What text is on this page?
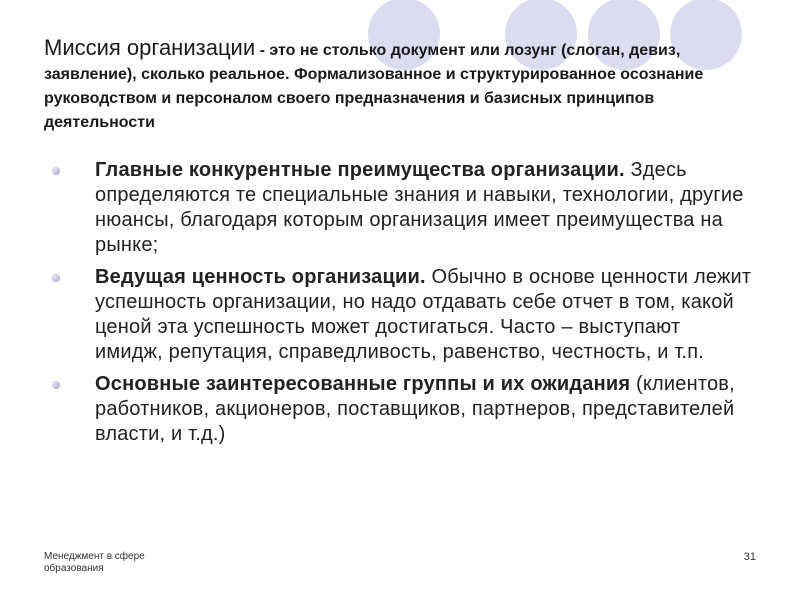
Миссия организации - это не столько документ или лозунг (слоган, девиз, заявление), сколько реальное. Формализованное и структурированное осознание руководством и персоналом своего предназначения и базисных принципов деятельности
Главные конкурентные преимущества организации. Здесь определяются те специальные знания и навыки, технологии, другие нюансы, благодаря которым организация имеет преимущества на рынке;
Ведущая ценность организации. Обычно в основе ценности лежит успешность организации, но надо отдавать себе отчет в том, какой ценой эта успешность может достигаться. Часто – выступают имидж, репутация, справедливость, равенство, честность, и т.п.
Основные заинтересованные группы и их ожидания (клиентов, работников, акционеров, поставщиков, партнеров, представителей власти, и т.д.)
Менеджмент в сфере образования
31
